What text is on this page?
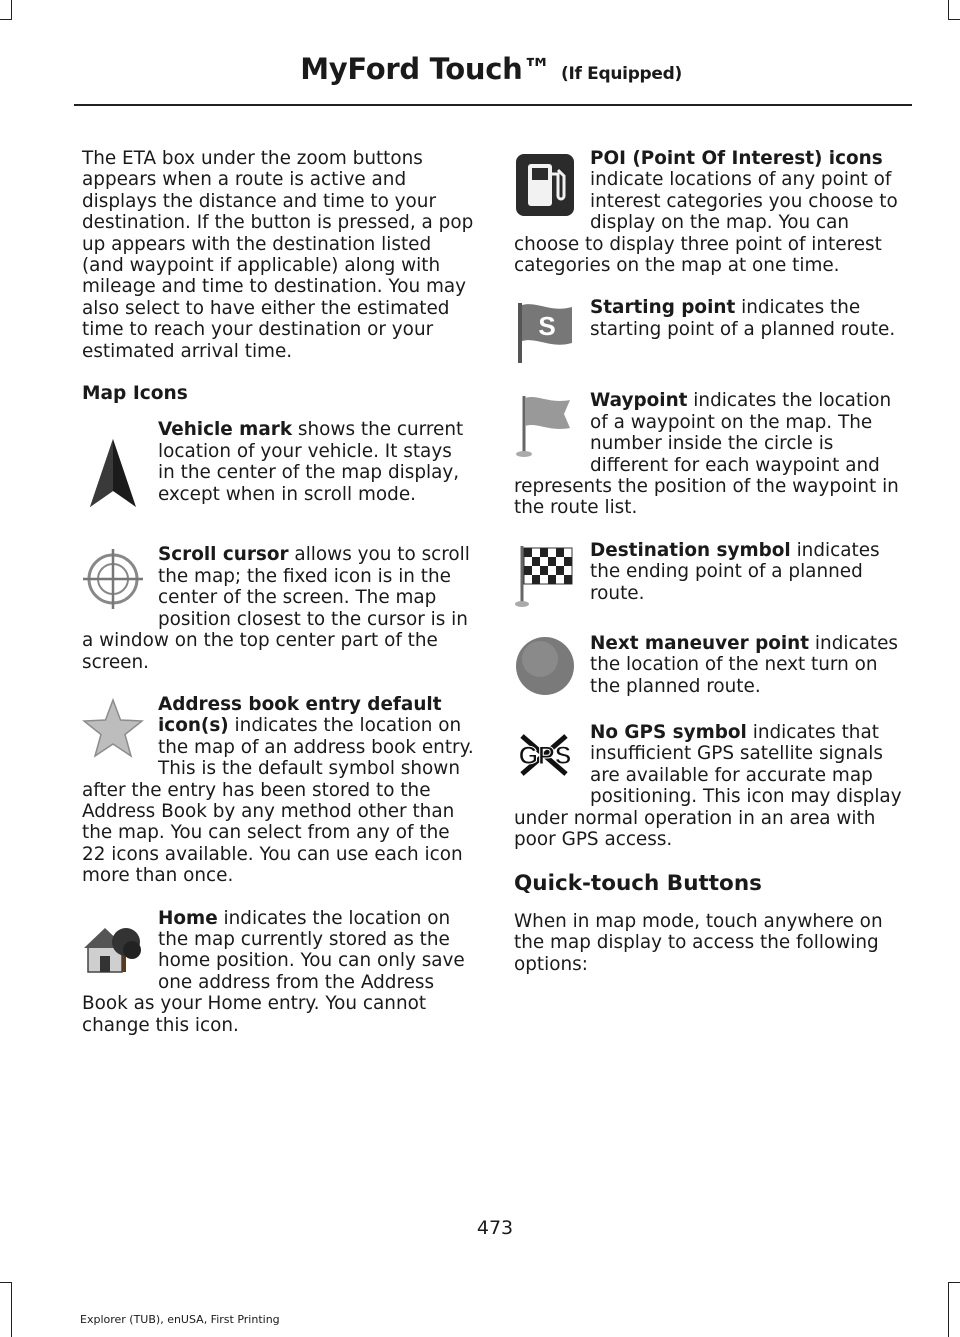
MyFord Touch™ (If Equipped)

The ETA box under the zoom buttons appears when a route is active and displays the distance and time to your destination. If the button is pressed, a pop up appears with the destination listed (and waypoint if applicable) along with mileage and time to destination. You may also select to have either the estimated time to reach your destination or your estimated arrival time.

Map Icons
Vehicle mark shows the current location of your vehicle. It stays in the center of the map display, except when in scroll mode.
Scroll cursor allows you to scroll the map; the fixed icon is in the center of the screen. The map position closest to the cursor is in a window on the top center part of the screen.
Address book entry default icon(s) indicates the location on the map of an address book entry. This is the default symbol shown after the entry has been stored to the Address Book by any method other than the map. You can select from any of the 22 icons available. You can use each icon more than once.
Home indicates the location on the map currently stored as the home position. You can only save one address from the Address Book as your Home entry. You cannot change this icon.
POI (Point Of Interest) icons indicate locations of any point of interest categories you choose to display on the map. You can choose to display three point of interest categories on the map at one time.
S
Starting point indicates the starting point of a planned route.
Waypoint indicates the location of a waypoint on the map. The number inside the circle is different for each waypoint and represents the position of the waypoint in the route list.
Destination symbol indicates the ending point of a planned route.
Next maneuver point indicates the location of the next turn on the planned route.
GPS
No GPS symbol indicates that insufficient GPS satellite signals are available for accurate map positioning. This icon may display under normal operation in an area with poor GPS access.
Quick-touch Buttons

When in map mode, touch anywhere on the map display to access the following options:

473
Explorer (TUB), enUSA, First Printing
